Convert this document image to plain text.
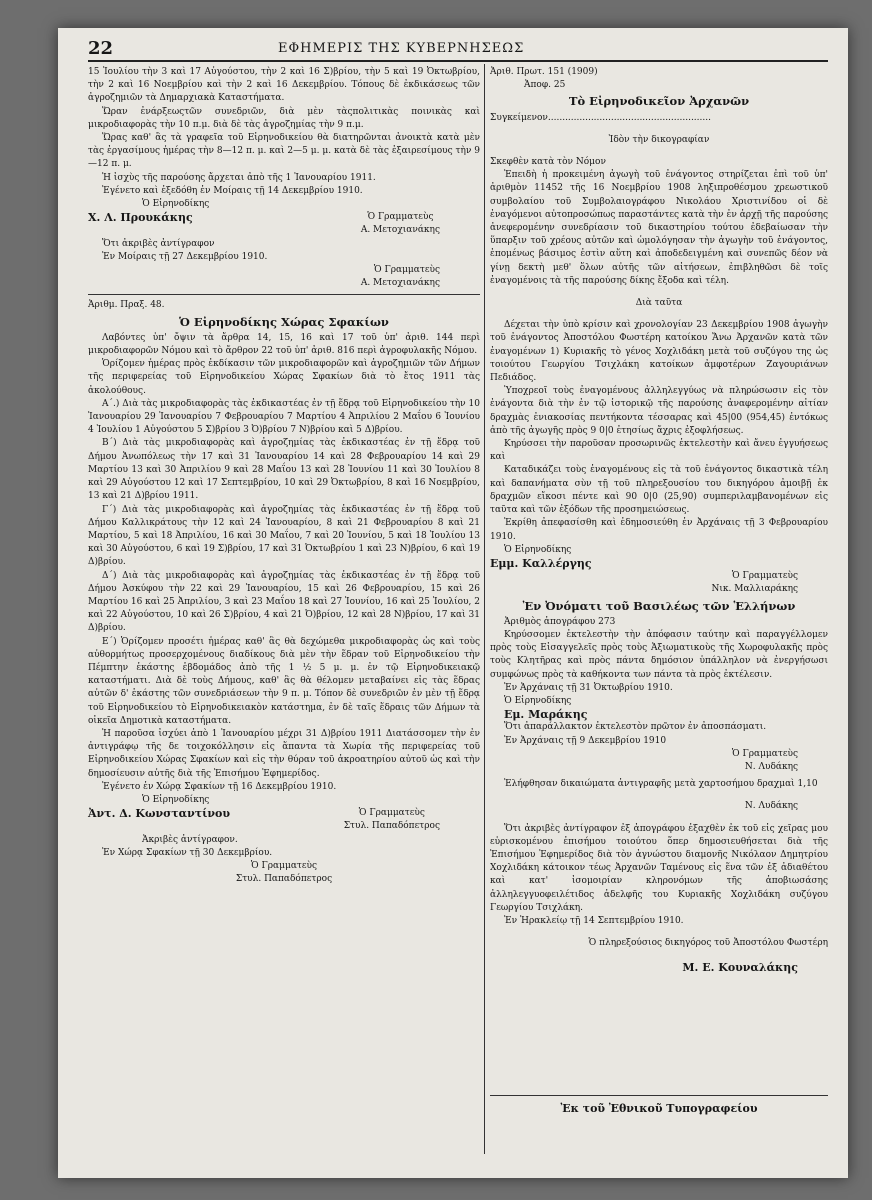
22	ΕΦΗΜΕΡΙΣ ΤΗΣ ΚΥΒΕΡΝΗΣΕΩΣ

15 Ἰουλίου τὴν 3 καὶ 17 Αὐγούστου, τὴν 2 καὶ 16 Σ)βρίου, τὴν 5 καὶ 19 Ὀκτωβρίου, τὴν 2 καὶ 16 Νοεμβρίου καὶ τὴν 2 καὶ 16 Δεκεμβρίου. Τόπους δὲ ἐκδικάσεως τῶν ἀγροζημιῶν τὰ Δημαρχιακὰ Καταστήματα.

Ὥραν ἐνάρξεωςτῶν συνεδριῶν, διὰ μὲν τὰςπολιτικὰς ποινικὰς καὶ μικροδιαφορὰς τὴν 10 π.μ. διὰ δὲ τὰς ἀγροζημίας τὴν 9 π.μ.

Ὥρας καθ' ἃς τὰ γραφεῖα τοῦ Εἰρηνοδικείου θὰ διατηρῶνται ἀνοικτὰ κατὰ μὲν τὰς ἐργασίμους ἡμέρας τὴν 8—12 π. μ. καὶ 2—5 μ. μ. κατὰ δὲ τὰς ἑξαιρεσίμους τὴν 9—12 π. μ.

Ἡ ἰσχὺς τῆς παρούσης ἄρχεται ἀπὸ τῆς 1 Ἰανουαρίου 1911.

Ἐγένετο καὶ ἐξεδόθη ἐν Μοίραις τῇ 14 Δεκεμβρίου 1910.

Ὁ Εἰρηνοδίκης

Χ. Λ. Προυκάκης	Ὁ Γραμματεὺς
Α. Μετοχιανάκης

Ὅτι ἀκριβὲς ἀντίγραφον

Ἐν Μοίραις τῇ 27 Δεκεμβρίου 1910.

Ὁ Γραμματεὺς
Α. Μετοχιανάκης

Ἀριθμ. Πραξ. 48.

Ὁ Εἰρηνοδίκης Χώρας Σφακίων

Λαβόντες ὑπ' ὄψιν τὰ ἄρθρα 14, 15, 16 καὶ 17 τοῦ ὑπ' ἀριθ. 144 περὶ μικροδιαφορῶν Νόμου καὶ τὸ ἄρθρον 22 τοῦ ὑπ' ἀριθ. 816 περὶ ἀγροφυλακῆς Νόμου.

Ὁρίζομεν ἡμέρας πρὸς ἐκδίκασιν τῶν μικροδιαφορῶν καὶ ἀγροζημιῶν τῶν Δήμων τῆς περιφερείας τοῦ Εἰρηνοδικείου Χώρας Σφακίων διὰ τὸ ἔτος 1911 τὰς ἀκολούθους.

Α΄.) Διὰ τὰς μικροδιαφορὰς τὰς ἐκδικαστέας ἐν τῇ ἕδρᾳ τοῦ Εἰρηνοδικείου τὴν 10 Ἰανουαρίου 29 Ἰανουαρίου 7 Φεβρουαρίου 7 Μαρτίου 4 Ἀπριλίου 2 Μαΐου 6 Ἰουνίου 4 Ἰουλίου 1 Αὐγούστου 5 Σ)βρίου 3 Ὀ)βρίου 7 Ν)βρίου καὶ 5 Δ)βρίου.

Β΄) Διὰ τὰς μικροδιαφορὰς καὶ ἀγροζημίας τὰς ἐκδικαστέας ἐν τῇ ἕδρᾳ τοῦ Δήμου Ἀνωπόλεως τὴν 17 καὶ 31 Ἰανουαρίου 14 καὶ 28 Φεβρουαρίου 14 καὶ 29 Μαρτίου 13 καὶ 30 Ἀπριλίου 9 καὶ 28 Μαΐου 13 καὶ 28 Ἰουνίου 11 καὶ 30 Ἰουλίου 8 καὶ 29 Αὐγούστου 12 καὶ 17 Σεπτεμβρίου, 10 καὶ 29 Ὀκτωβρίου, 8 καὶ 16 Νοεμβρίου, 13 καὶ 21 Δ)βρίου 1911.

Γ΄) Διὰ τὰς μικροδιαφορὰς καὶ ἀγροζημίας τὰς ἐκδικαστέας ἐν τῇ ἕδρᾳ τοῦ Δήμου Καλλικράτους τὴν 12 καὶ 24 Ἰανουαρίου, 8 καὶ 21 Φεβρουαρίου 8 καὶ 21 Μαρτίου, 5 καὶ 18 Ἀπριλίου, 16 καὶ 30 Μαΐου, 7 καὶ 20 Ἰουνίου, 5 καὶ 18 Ἰουλίου 13 καὶ 30 Αὐγούστου, 6 καὶ 19 Σ)βρίου, 17 καὶ 31 Ὀκτωβρίου 1 καὶ 23 Ν)βρίου, 6 καὶ 19 Δ)βρίου.

Δ΄) Διὰ τὰς μικροδιαφορὰς καὶ ἀγροζημίας τὰς ἐκδικαστέας ἐν τῇ ἕδρᾳ τοῦ Δήμου Ἀσκύφου τὴν 22 καὶ 29 Ἰανουαρίου, 15 καὶ 26 Φεβρουαρίου, 15 καὶ 26 Μαρτίου 16 καὶ 25 Ἀπριλίου, 3 καὶ 23 Μαΐου 18 καὶ 27 Ἰουνίου, 16 καὶ 25 Ἰουλίου, 2 καὶ 22 Αὐγούστου, 10 καὶ 26 Σ)βρίου, 4 καὶ 21 Ὀ)βρίου, 12 καὶ 28 Ν)βρίου, 17 καὶ 31 Δ)βρίου.

Ε΄) Ὁρίζομεν προσέτι ἡμέρας καθ' ἃς θὰ δεχώμεθα μικροδιαφορὰς ὡς καὶ τοὺς αὐθορμήτως προσερχομένους διαδίκους διὰ μὲν τὴν ἕδραν τοῦ Εἰρηνοδικείου τὴν Πέμπτην ἑκάστης ἑβδομάδος ἀπὸ τῆς 1 ½ 5 μ. μ. ἐν τῷ Εἰρηνοδικειακῷ καταστήματι. Διὰ δὲ τοὺς Δήμους, καθ' ἃς θὰ θέλομεν μεταβαίνει εἰς τὰς ἕδρας αὐτῶν δ' ἑκάστης τῶν συνεδριάσεων τὴν 9 π. μ. Τόπον δὲ συνεδριῶν ἐν μὲν τῇ ἕδρᾳ τοῦ Εἰρηνοδικείου τὸ Εἰρηνοδικειακὸν κατάστημα, ἐν δὲ ταῖς ἕδραις τῶν Δήμων τὰ οἰκεῖα Δημοτικὰ καταστήματα.

Ἡ παροῦσα ἰσχύει ἀπὸ 1 Ἰανουαρίου μέχρι 31 Δ)βρίου 1911 Διατάσσομεν τὴν ἐν ἀντιγράφῳ τῆς δε τοιχοκόλλησιν εἰς ἅπαντα τὰ Χωρία τῆς περιφερείας τοῦ Εἰρηνοδικείου Χώρας Σφακίων καὶ εἰς τὴν θύραν τοῦ ἀκροατηρίου αὐτοῦ ὡς καὶ τὴν δημοσίευσιν αὐτῆς διὰ τῆς Ἐπισήμου Ἐφημερίδος.

Ἐγένετο ἐν Χώρᾳ Σφακίων τῇ 16 Δεκεμβρίου 1910.

Ὁ Εἰρηνοδίκης

Ἀντ. Δ. Κωνσταντίνου	Ὁ Γραμματεὺς
Στυλ. Παπαδόπετρος

Ἀκριβὲς ἀντίγραφον.

Ἐν Χώρᾳ Σφακίων τῇ 30 Δεκεμβρίου.

Ὁ Γραμματεὺς
Στυλ. Παπαδόπετρος

Ἀριθ. Πρωτ. 151 (1909)

Ἀποφ. 25

Τὸ Εἰρηνοδικεῖον Ἀρχανῶν

Συγκείμενον.........................................................

Ἰδὸν τὴν δικογραφίαν

Σκεφθὲν κατὰ τὸν Νόμον

Ἐπειδὴ ἡ προκειμένη ἀγωγὴ τοῦ ἐνάγοντος στηρίζεται ἐπὶ τοῦ ὑπ' ἀριθμὸν 11452 τῆς 16 Νοεμβρίου 1908 ληξιπροθέσμου χρεωστικοῦ συμβολαίου τοῦ Συμβολαιογράφου Νικολάου Χριστινίδου οἱ δὲ ἐναγόμενοι αὐτοπροσώπως παραστάντες κατὰ τὴν ἐν ἀρχῇ τῆς παρούσης ἀνεφερομένην συνεδρίασιν τοῦ δικαστηρίου τούτου ἐδεβαίωσαν τὴν ὕπαρξιν τοῦ χρέους αὐτῶν καὶ ὡμολόγησαν τὴν ἀγωγὴν τοῦ ἐνάγοντος, ἑπομένως βάσιμος ἐστὶν αὕτη καὶ ἀποδεδειγμένη καὶ συνεπῶς δέον νὰ γίνῃ δεκτὴ μεθ' ὅλων αὐτῆς τῶν αἰτήσεων, ἐπιβληθῶσι δὲ τοῖς ἐναγομένοις τὰ τῆς παρούσης δίκης ἔξοδα καὶ τέλη.

Διὰ ταῦτα

Δέχεται τὴν ὑπὸ κρίσιν καὶ χρονολογίαν 23 Δεκεμβρίου 1908 ἀγωγὴν τοῦ ἐνάγοντος Ἀποστόλου Φωστέρη κατοίκου Ἄνω Ἀρχανῶν κατὰ τῶν ἐναγομένων 1) Κυριακῆς τὸ γένος Χοχλιδάκη μετὰ τοῦ συζύγου της ὡς τοιούτου Γεωργίου Τσιχλάκη κατοίκων ἀμφοτέρων Ζαγουριάνων Πεδιάδος.

Ὑποχρεοῖ τοὺς ἐναγομένους ἀλληλεγγύως νὰ πληρώσωσιν εἰς τὸν ἐνάγοντα διὰ τὴν ἐν τῷ ἱστορικῷ τῆς παρούσης ἀναφερομένην αἰτίαν δραχμὰς ἐνιακοσίας πεντήκοντα τέσσαρας καὶ 45|00 (954,45) ἐντόκως ἀπὸ τῆς ἀγωγῆς πρὸς 9 0|0 ἐτησίως ἄχρις ἐξοφλήσεως.

Κηρύσσει τὴν παροῦσαν προσωρινῶς ἐκτελεστὴν καὶ ἄνευ ἐγγυήσεως καὶ

Καταδικάζει τοὺς ἐναγομένους εἰς τὰ τοῦ ἐνάγοντος δικαστικὰ τέλη καὶ δαπανήματα σὺν τῇ τοῦ πληρεξουσίου του δικηγόρου ἀμοιβῇ ἐκ δραχμῶν εἴκοσι πέντε καὶ 90 0|0 (25,90) συμπεριλαμβανομένων εἰς ταῦτα καὶ τῶν ἐξόδων τῆς προσημειώσεως.

Ἐκρίθη ἀπεφασίσθη καὶ ἐδημοσιεύθη ἐν Ἀρχάναις τῇ 3 Φεβρουαρίου 1910.

Ὁ Εἰρηνοδίκης

Εμμ. Καλλέργης

Ὁ Γραμματεὺς
Νικ. Μαλλιαράκης

Ἐν Ὀνόματι τοῦ Βασιλέως τῶν Ἑλλήνων

Ἀριθμὸς ἀπογράφου 273

Κηρύσσομεν ἐκτελεστὴν τὴν ἀπόφασιν ταύτην καὶ παραγγέλλομεν πρὸς τοὺς Εἰσαγγελεῖς πρὸς τοὺς Ἀξιωματικοὺς τῆς Χωροφυλακῆς πρὸς τοὺς Κλητῆρας καὶ πρὸς πάντα δημόσιον ὑπάλληλον νὰ ἐνεργήσωσι συμφώνως πρὸς τὰ καθήκοντα των πάντα τὰ πρὸς ἐκτέλεσιν.

Ἐν Ἀρχάναις τῇ 31 Ὀκτωβρίου 1910.

Ὁ Εἰρηνοδίκης

Εμ. Μαράκης

Ὅτι ἀπαράλλακτον ἐκτελεστὸν πρῶτον ἐν ἀποσπάσματι.

Ἐν Ἀρχάναις τῇ 9 Δεκεμβρίου 1910

Ὁ Γραμματεὺς
Ν. Λυδάκης

Ἐλήφθησαν δικαιώματα ἀντιγραφῆς μετὰ χαρτοσήμου δραχμαὶ 1,10

Ν. Λυδάκης

Ὅτι ἀκριβὲς ἀντίγραφον ἐξ ἀπογράφου ἐξαχθὲν ἐκ τοῦ εἰς χεῖρας μου εὑρισκομένου ἐπισήμου τοιούτου ὅπερ δημοσιευθήσεται διὰ τῆς Ἐπισήμου Ἐφημερίδος διὰ τὸν ἀγνώστου διαμονῆς Νικόλαον Δημητρίου Χοχλιδάκη κάτοικον τέως Ἀρχανῶν Ταμένους εἰς ἕνα τῶν ἐξ ἀδιαθέτου καὶ κατ' ἰσομοιρίαν κληρονόμων τῆς ἀποβιωσάσης ἀλληλεγγυοφειλέτιδος ἀδελφῆς του Κυριακῆς Χοχλιδάκη συζύγου Γεωργίου Τσιχλάκη.

Ἐν Ἡρακλείῳ τῇ 14 Σεπτεμβρίου 1910.

Ὁ πληρεξούσιος δικηγόρος τοῦ Ἀποστόλου Φωστέρη

Μ. Ε. Κουναλάκης

Ἐκ τοῦ Ἐθνικοῦ Τυπογραφείου
